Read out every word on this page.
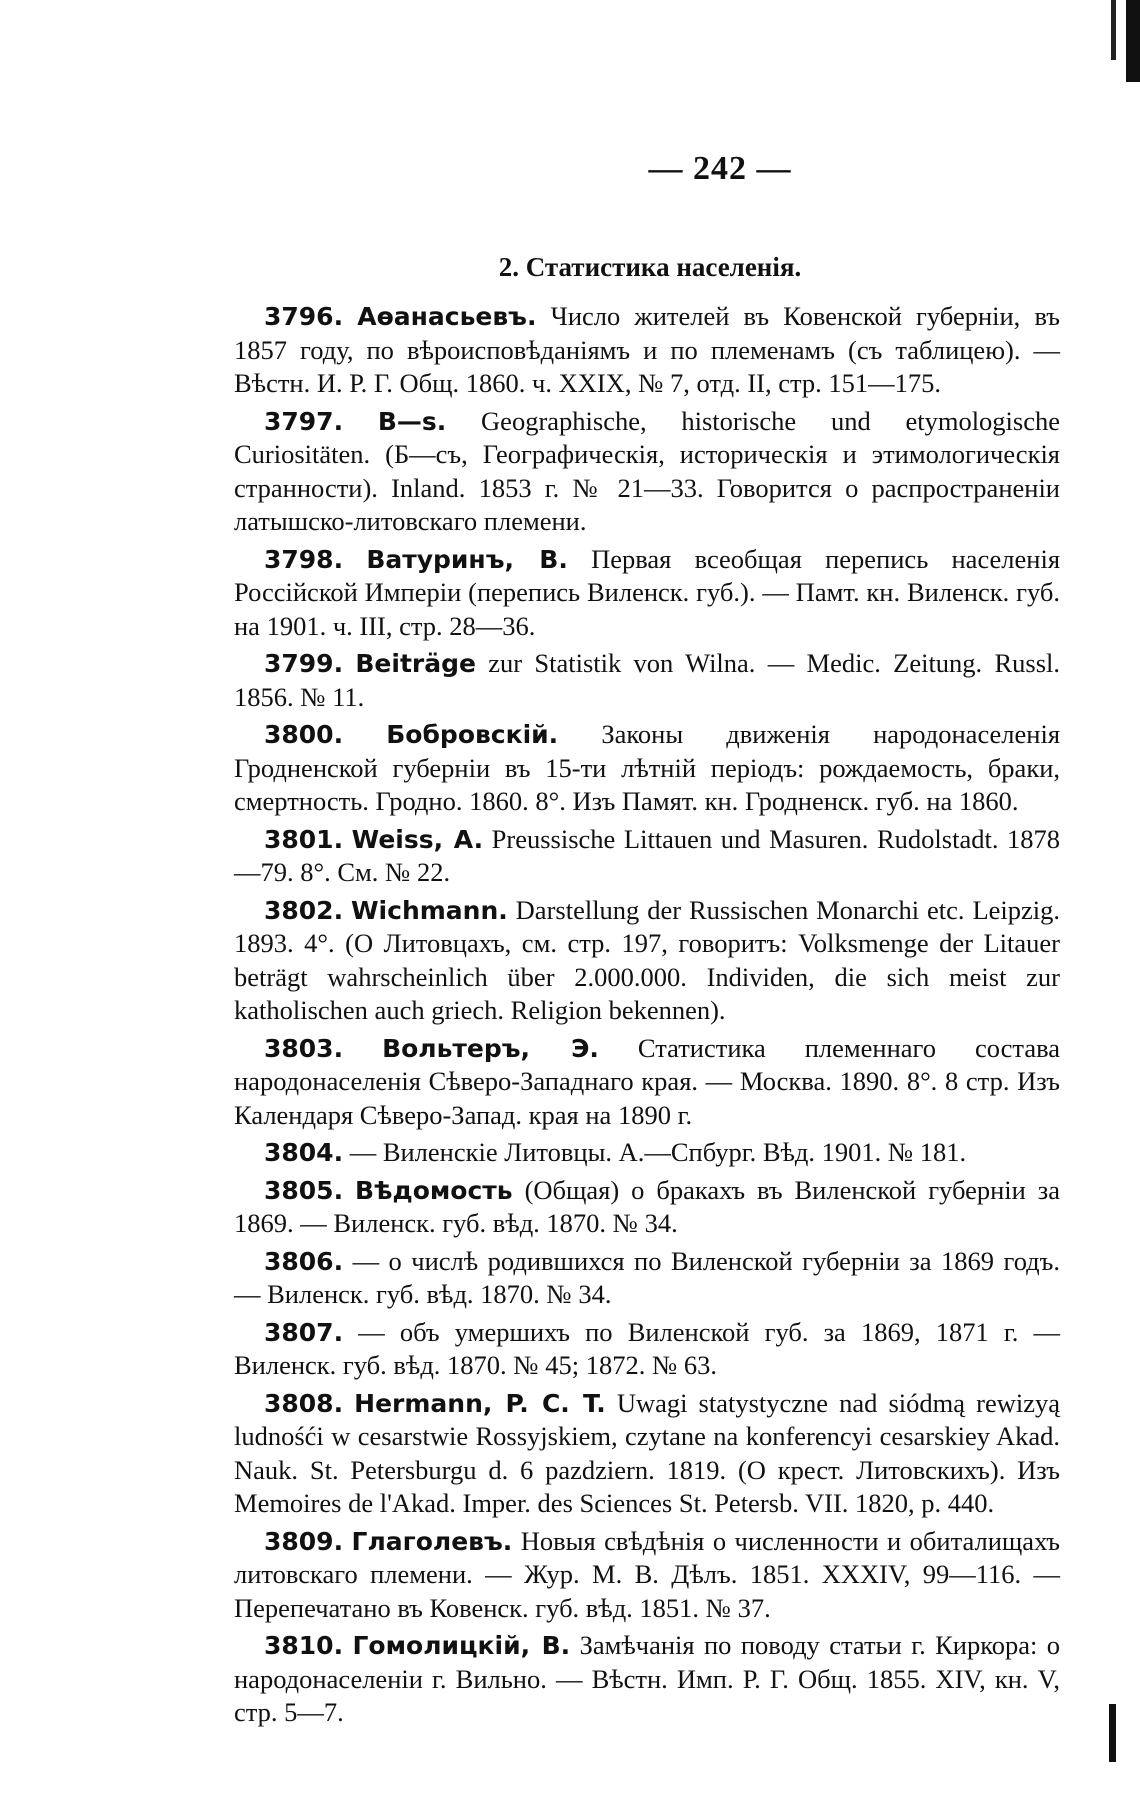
— 242 —
2. Статистика населенія.

3796. Аѳанасьевъ. Число жителей въ Ковенской губерніи, въ 1857 году, по вѣроисповѣданіямъ и по племенамъ (съ таблицею). — Вѣстн. И. Р. Г. Общ. 1860. ч. XXIX, № 7, отд. II, стр. 151—175.

3797. В—s. Geographische, historische und etymologische Curiositäten. (Б—съ, Географическія, историческія и этимологическія странности). Inland. 1853 г. № 21—33. Говорится о распространеніи латышско-литовскаго племени.

3798. Ватуринъ, В. Первая всеобщая перепись населенія Россійской Имперіи (перепись Виленск. губ.). — Памт. кн. Виленск. губ. на 1901. ч. III, стр. 28—36.

3799. Beiträge zur Statistik von Wilna. — Medic. Zeitung. Russl. 1856. № 11.

3800. Бобровскій. Законы движенія народонаселенія Гродненской губерніи въ 15-ти лѣтній періодъ: рождаемость, браки, смертность. Гродно. 1860. 8°. Изъ Памят. кн. Гродненск. губ. на 1860.

3801. Weiss, A. Preussische Littauen und Masuren. Rudolstadt. 1878—79. 8°. См. № 22.

3802. Wichmann. Darstellung der Russischen Monarchi etc. Leipzig. 1893. 4°. (О Литовцахъ, см. стр. 197, говоритъ: Volksmenge der Litauer beträgt wahrscheinlich über 2.000.000. Individen, die sich meist zur katholischen auch griech. Religion bekennen).

3803. Вольтеръ, Э. Статистика племеннаго состава народонаселенія Сѣверо-Западнаго края. — Москва. 1890. 8°. 8 стр. Изъ Календаря Сѣверо-Запад. края на 1890 г.

3804. — Виленскіе Литовцы. А.—Спбург. Вѣд. 1901. № 181.

3805. Вѣдомость (Общая) о бракахъ въ Виленской губерніи за 1869. — Виленск. губ. вѣд. 1870. № 34.

3806. — о числѣ родившихся по Виленской губерніи за 1869 годъ. — Виленск. губ. вѣд. 1870. № 34.

3807. — объ умершихъ по Виленской губ. за 1869, 1871 г. — Виленск. губ. вѣд. 1870. № 45; 1872. № 63.

3808. Hermann, P. C. T. Uwagi statystyczne nad siódmą rewizyą ludnośći w cesarstwie Rossyjskiem, czytane na konferencyi cesarskiey Akad. Nauk. St. Petersburgu d. 6 pazdziern. 1819. (О крест. Литовскихъ). Изъ Memoires de l'Akad. Imper. des Sciences St. Petersb. VII. 1820, p. 440.

3809. Глаголевъ. Новыя свѣдѣнія о численности и обиталищахъ литовскаго племени. — Жур. М. В. Дѣлъ. 1851. XXXIV, 99—116. — Перепечатано въ Ковенск. губ. вѣд. 1851. № 37.

3810. Гомолицкій, В. Замѣчанія по поводу статьи г. Киркора: о народонаселеніи г. Вильно. — Вѣстн. Имп. Р. Г. Общ. 1855. XIV, кн. V, стр. 5—7.
